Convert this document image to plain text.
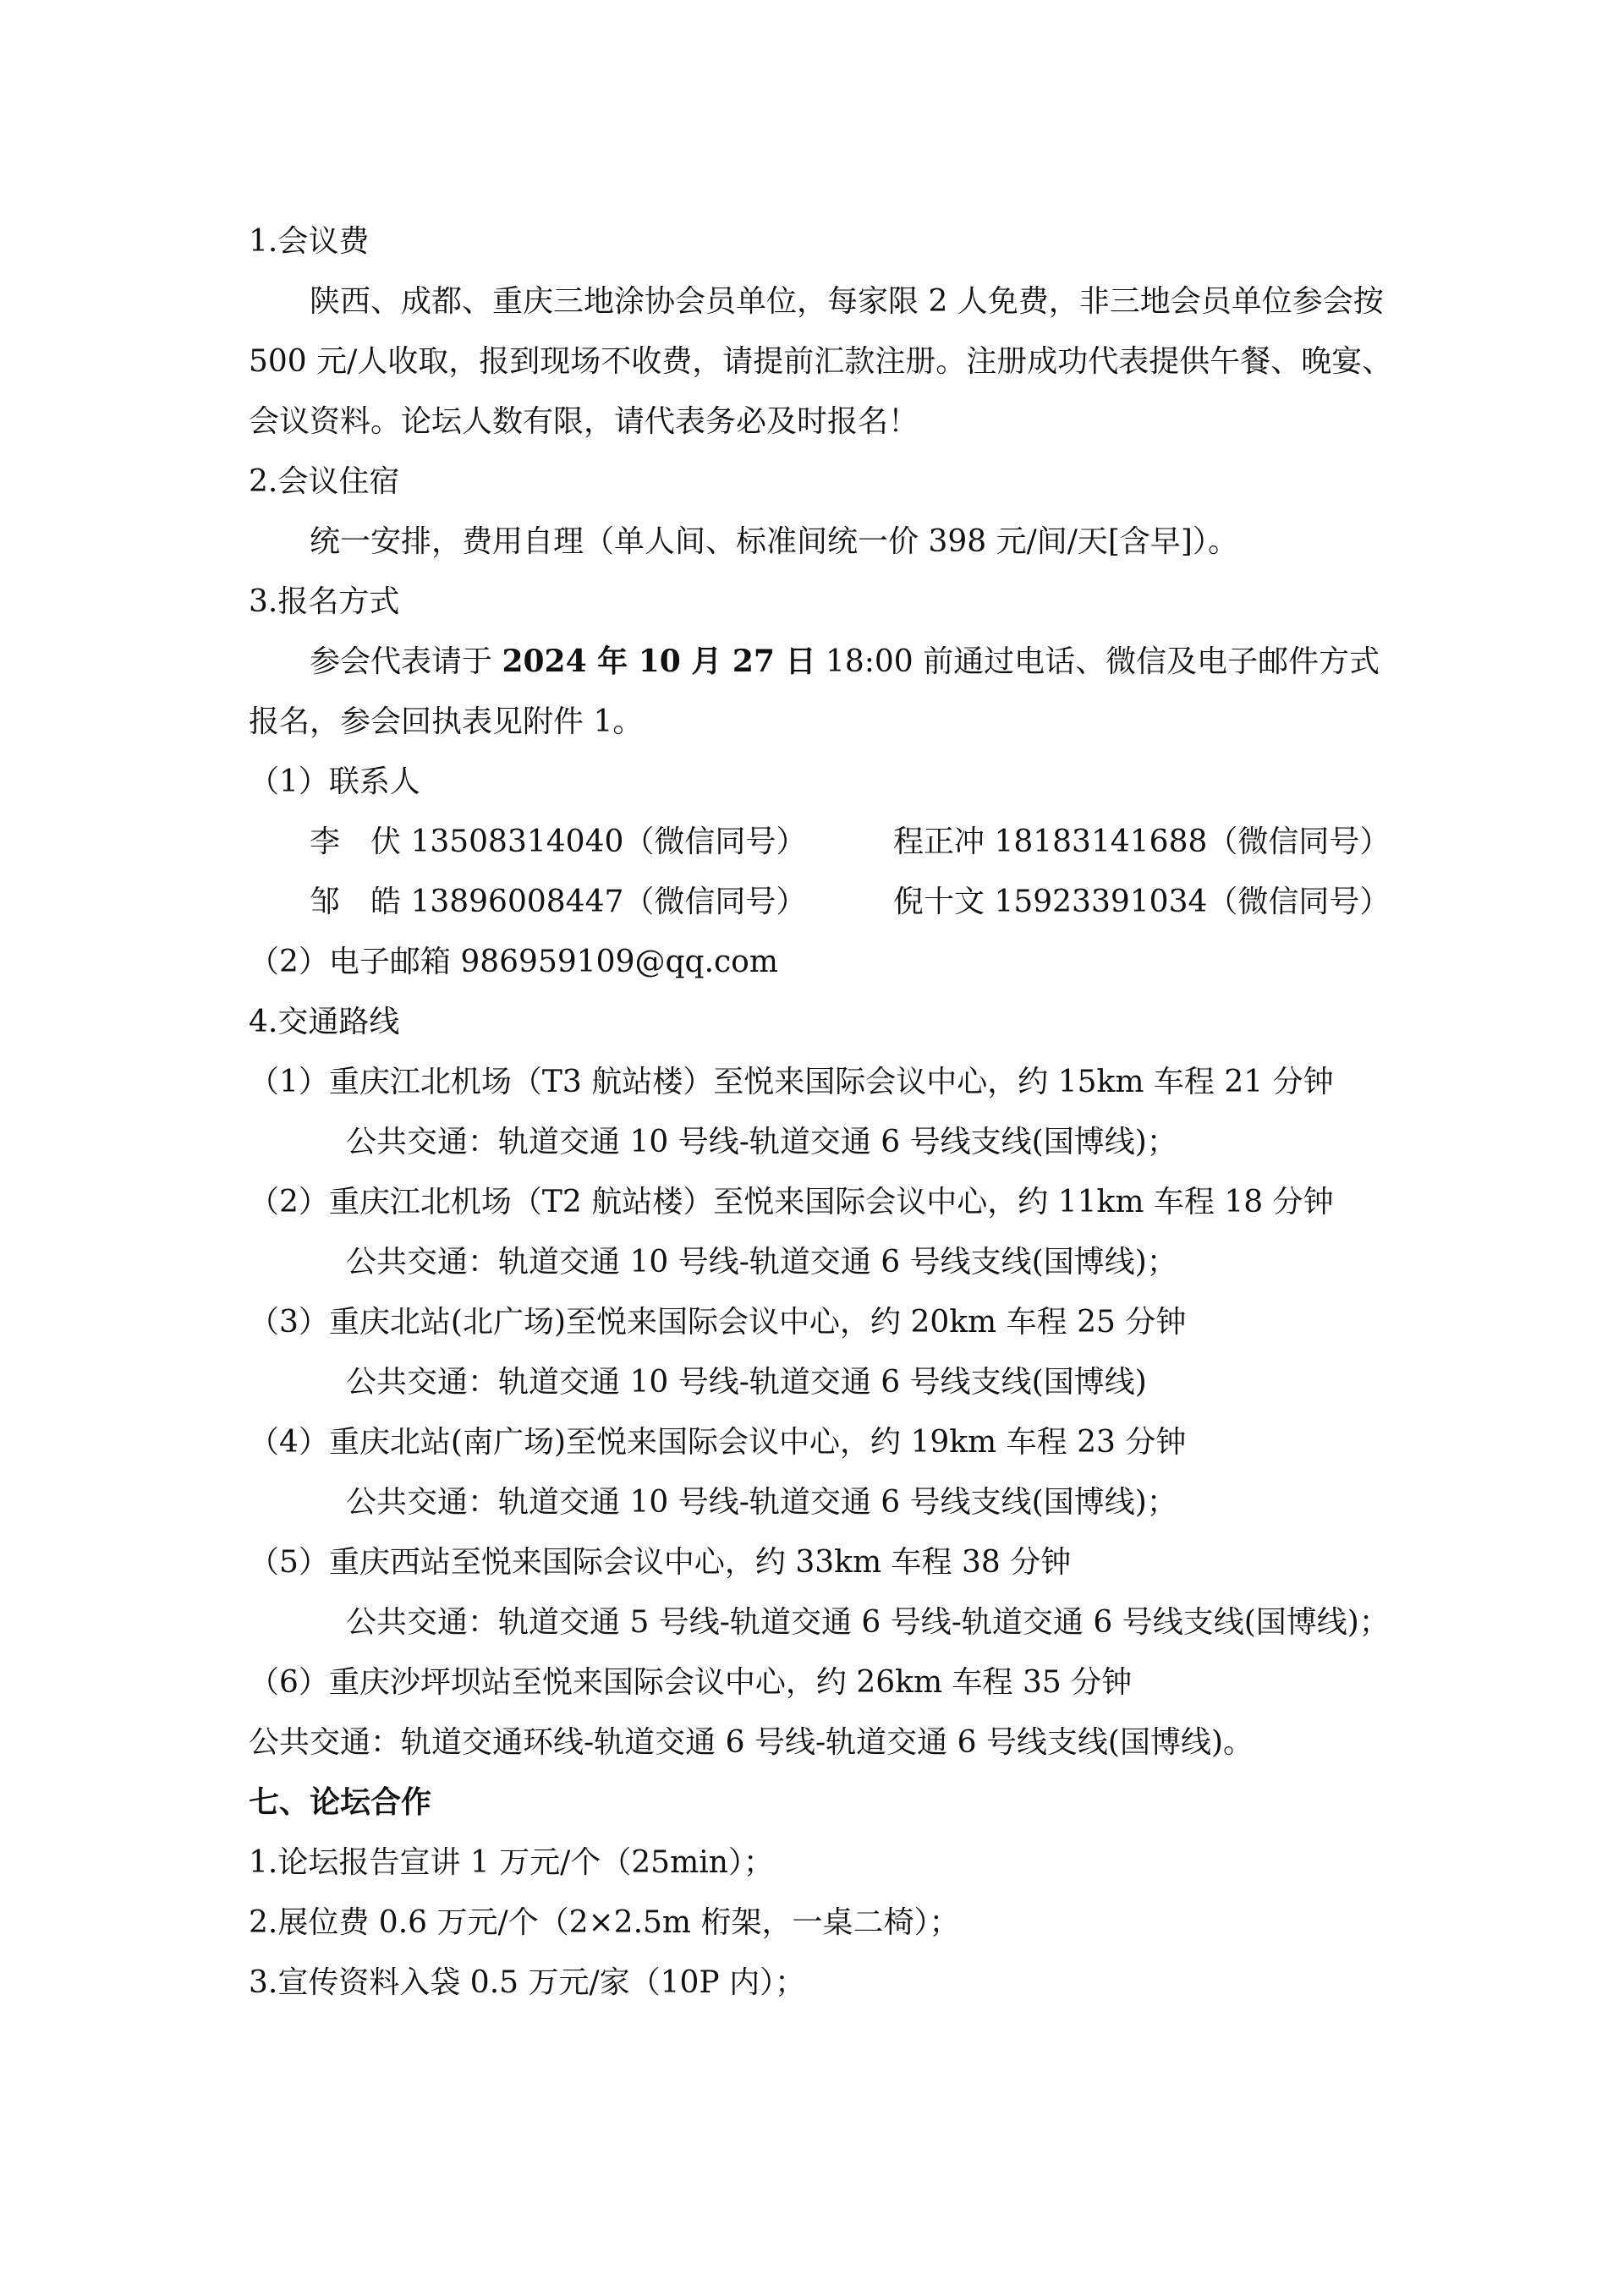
1.会议费
陕西、成都、重庆三地涂协会员单位，每家限 2 人免费，非三地会员单位参会按 500 元/人收取，报到现场不收费，请提前汇款注册。注册成功代表提供午餐、晚宴、会议资料。论坛人数有限，请代表务必及时报名！
2.会议住宿
统一安排，费用自理（单人间、标准间统一价 398 元/间/天[含早]）。
3.报名方式
参会代表请于 2024 年 10 月 27 日 18:00 前通过电话、微信及电子邮件方式报名，参会回执表见附件 1。
（1）联系人
李　伏 13508314040（微信同号）	程正冲 18183141688（微信同号）
邹　皓 13896008447（微信同号）	倪十文 15923391034（微信同号）
（2）电子邮箱 986959109@qq.com
4.交通路线
（1）重庆江北机场（T3 航站楼）至悦来国际会议中心，约 15km 车程 21 分钟
公共交通：轨道交通 10 号线-轨道交通 6 号线支线(国博线)；
（2）重庆江北机场（T2 航站楼）至悦来国际会议中心，约 11km 车程 18 分钟
公共交通：轨道交通 10 号线-轨道交通 6 号线支线(国博线)；
（3）重庆北站(北广场)至悦来国际会议中心，约 20km 车程 25 分钟
公共交通：轨道交通 10 号线-轨道交通 6 号线支线(国博线)
（4）重庆北站(南广场)至悦来国际会议中心，约 19km 车程 23 分钟
公共交通：轨道交通 10 号线-轨道交通 6 号线支线(国博线)；
（5）重庆西站至悦来国际会议中心，约 33km 车程 38 分钟
公共交通：轨道交通 5 号线-轨道交通 6 号线-轨道交通 6 号线支线(国博线)；
（6）重庆沙坪坝站至悦来国际会议中心，约 26km 车程 35 分钟
公共交通：轨道交通环线-轨道交通 6 号线-轨道交通 6 号线支线(国博线)。
七、论坛合作
1.论坛报告宣讲 1 万元/个（25min）；
2.展位费 0.6 万元/个（2×2.5m 桁架，一桌二椅）；
3.宣传资料入袋 0.5 万元/家（10P 内）；
